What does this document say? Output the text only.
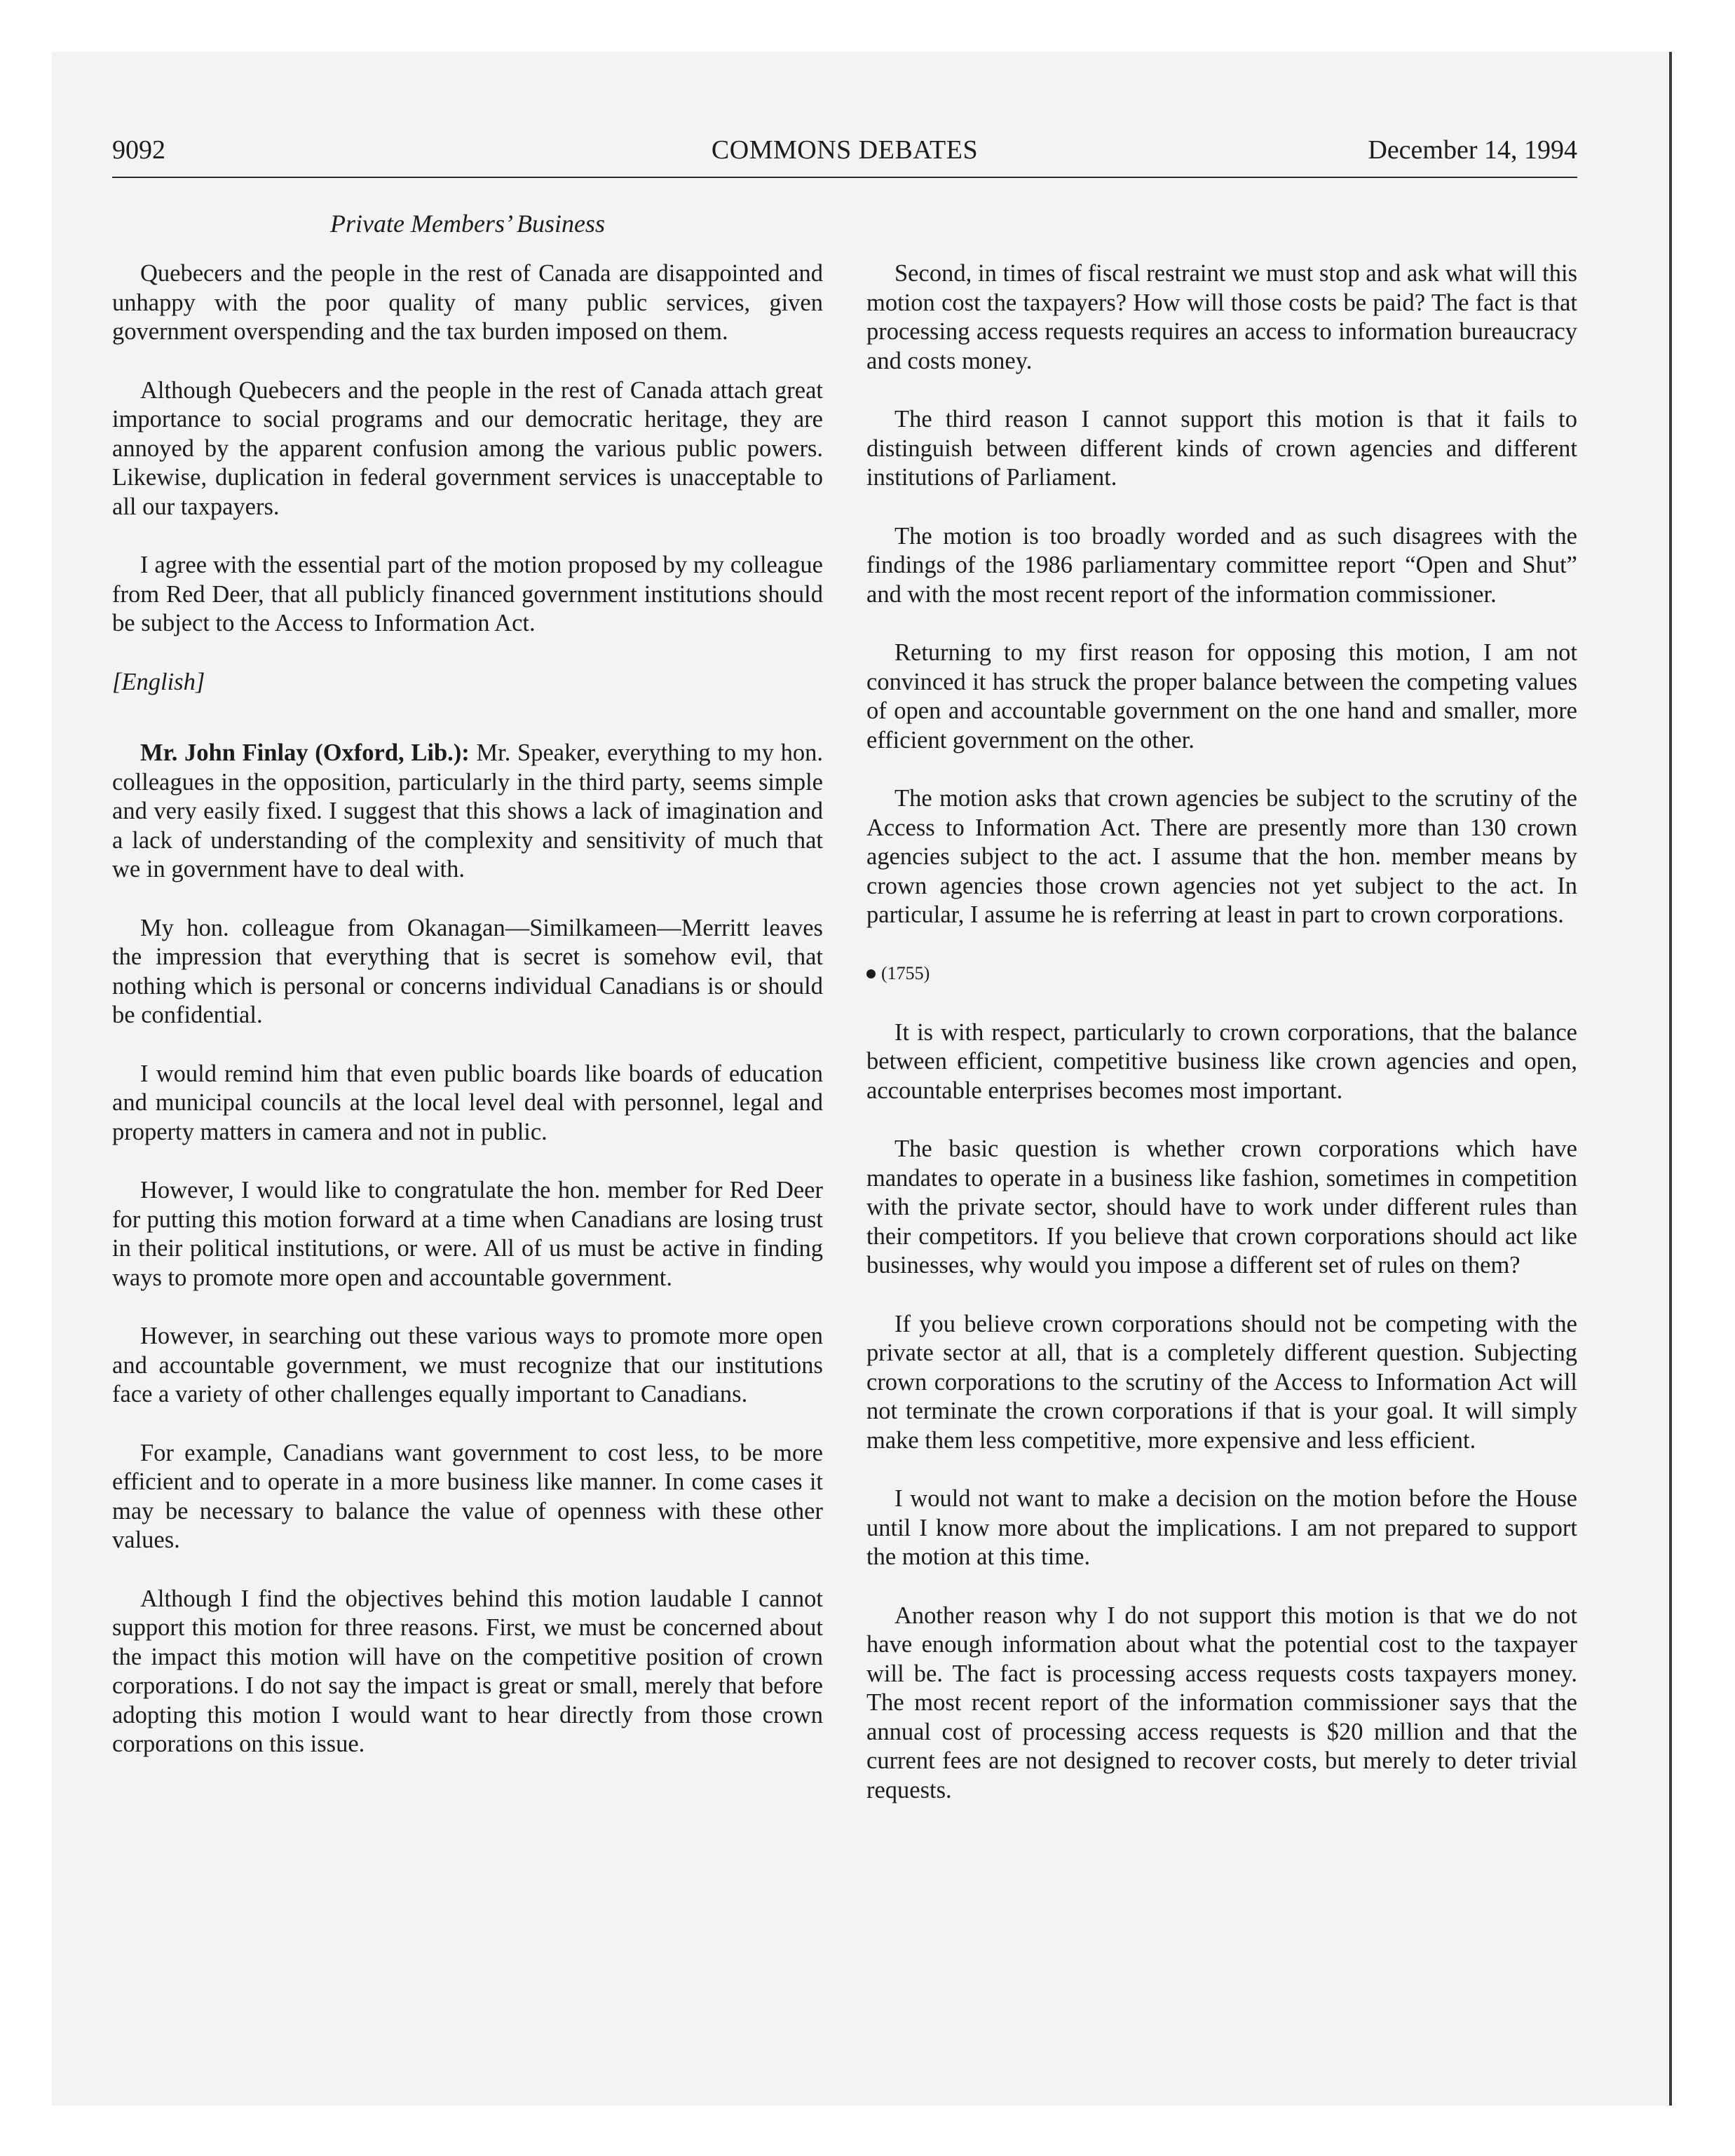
9092	COMMONS DEBATES	December 14, 1994
Private Members’ Business

Quebecers and the people in the rest of Canada are disappointed and unhappy with the poor quality of many public services, given government overspending and the tax burden imposed on them.

Although Quebecers and the people in the rest of Canada attach great importance to social programs and our democratic heritage, they are annoyed by the apparent confusion among the various public powers. Likewise, duplication in federal government services is unacceptable to all our taxpayers.

I agree with the essential part of the motion proposed by my colleague from Red Deer, that all publicly financed government institutions should be subject to the Access to Information Act.

[English]

Mr. John Finlay (Oxford, Lib.): Mr. Speaker, everything to my hon. colleagues in the opposition, particularly in the third party, seems simple and very easily fixed. I suggest that this shows a lack of imagination and a lack of understanding of the complexity and sensitivity of much that we in government have to deal with.

My hon. colleague from Okanagan—Similkameen—Merritt leaves the impression that everything that is secret is somehow evil, that nothing which is personal or concerns individual Canadians is or should be confidential.

I would remind him that even public boards like boards of education and municipal councils at the local level deal with personnel, legal and property matters in camera and not in public.

However, I would like to congratulate the hon. member for Red Deer for putting this motion forward at a time when Canadians are losing trust in their political institutions, or were. All of us must be active in finding ways to promote more open and accountable government.

However, in searching out these various ways to promote more open and accountable government, we must recognize that our institutions face a variety of other challenges equally important to Canadians.

For example, Canadians want government to cost less, to be more efficient and to operate in a more business like manner. In come cases it may be necessary to balance the value of openness with these other values.

Although I find the objectives behind this motion laudable I cannot support this motion for three reasons. First, we must be concerned about the impact this motion will have on the competitive position of crown corporations. I do not say the impact is great or small, merely that before adopting this motion I would want to hear directly from those crown corporations on this issue.

Second, in times of fiscal restraint we must stop and ask what will this motion cost the taxpayers? How will those costs be paid? The fact is that processing access requests requires an access to information bureaucracy and costs money.

The third reason I cannot support this motion is that it fails to distinguish between different kinds of crown agencies and different institutions of Parliament.

The motion is too broadly worded and as such disagrees with the findings of the 1986 parliamentary committee report “Open and Shut” and with the most recent report of the information commissioner.

Returning to my first reason for opposing this motion, I am not convinced it has struck the proper balance between the competing values of open and accountable government on the one hand and smaller, more efficient government on the other.

The motion asks that crown agencies be subject to the scrutiny of the Access to Information Act. There are presently more than 130 crown agencies subject to the act. I assume that the hon. member means by crown agencies those crown agencies not yet subject to the act. In particular, I assume he is referring at least in part to crown corporations.

(1755)

It is with respect, particularly to crown corporations, that the balance between efficient, competitive business like crown agencies and open, accountable enterprises becomes most important.

The basic question is whether crown corporations which have mandates to operate in a business like fashion, sometimes in competition with the private sector, should have to work under different rules than their competitors. If you believe that crown corporations should act like businesses, why would you impose a different set of rules on them?

If you believe crown corporations should not be competing with the private sector at all, that is a completely different question. Subjecting crown corporations to the scrutiny of the Access to Information Act will not terminate the crown corporations if that is your goal. It will simply make them less competitive, more expensive and less efficient.

I would not want to make a decision on the motion before the House until I know more about the implications. I am not prepared to support the motion at this time.

Another reason why I do not support this motion is that we do not have enough information about what the potential cost to the taxpayer will be. The fact is processing access requests costs taxpayers money. The most recent report of the information commissioner says that the annual cost of processing access requests is $20 million and that the current fees are not designed to recover costs, but merely to deter trivial requests.
